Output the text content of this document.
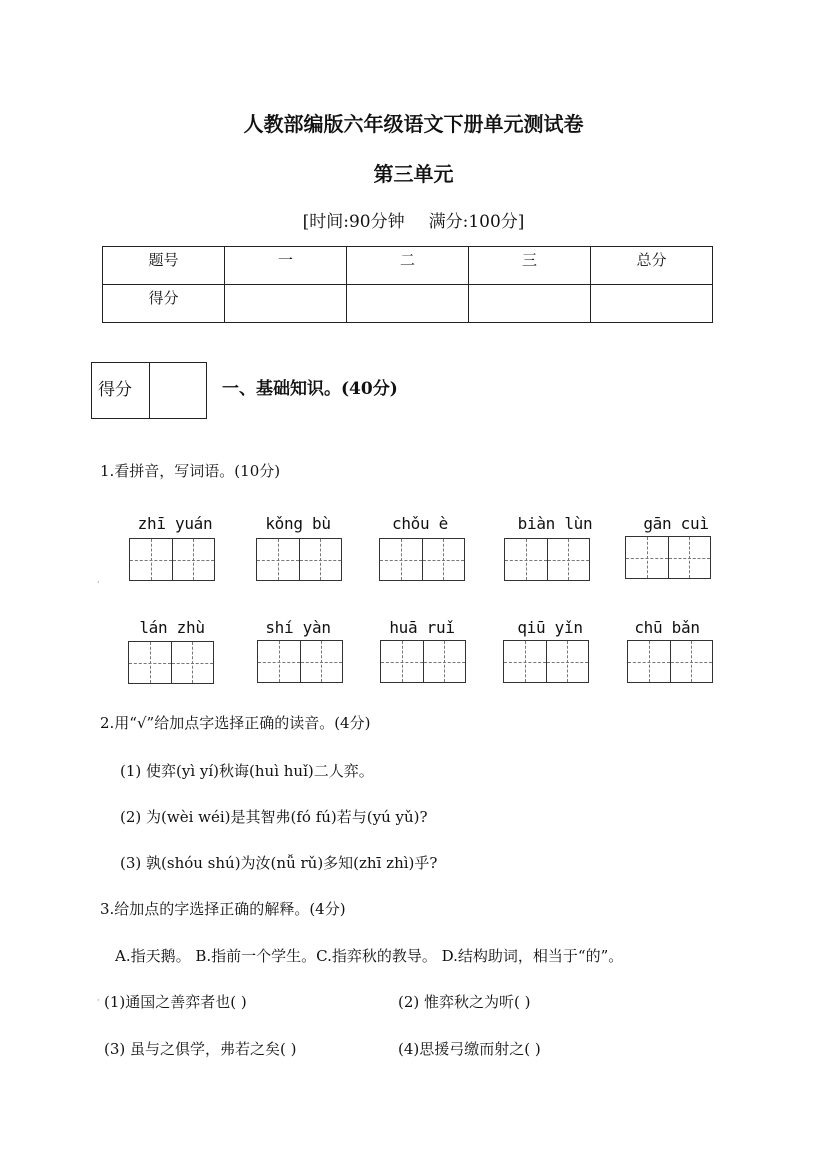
人教部编版六年级语文下册单元测试卷
第三单元
[时间:90分钟 满分:100分]
题号	一	二	三	总分
得分				
得分	一、基础知识。(40分)
1.看拼音，写词语。(10分)
zhī yuán	kǒng bù	chǒu è	biàn lùn	gān cuì
·
lán zhù	shí yàn	huā ruǐ	qiū yǐn	chū bǎn
2.用“√”给加点字选择正确的读音。(4分)
(1) 使弈(yì yí)秋诲(huì huǐ)二人弈。
(2) 为(wèi wéi)是其智弗(fó fú)若与(yú yǔ)?
(3) 孰(shóu shú)为汝(nǚ rǔ)多知(zhī zhì)乎?
3.给加点的字选择正确的解释。(4分)
A.指天鹅。 B.指前一个学生。C.指弈秋的教导。 D.结构助词，相当于“的”。
· (1)通国之善弈者也( )	(2) 惟弈秋之为听( )
(3) 虽与之俱学，弗若之矣( )	(4)思援弓缴而射之( )
